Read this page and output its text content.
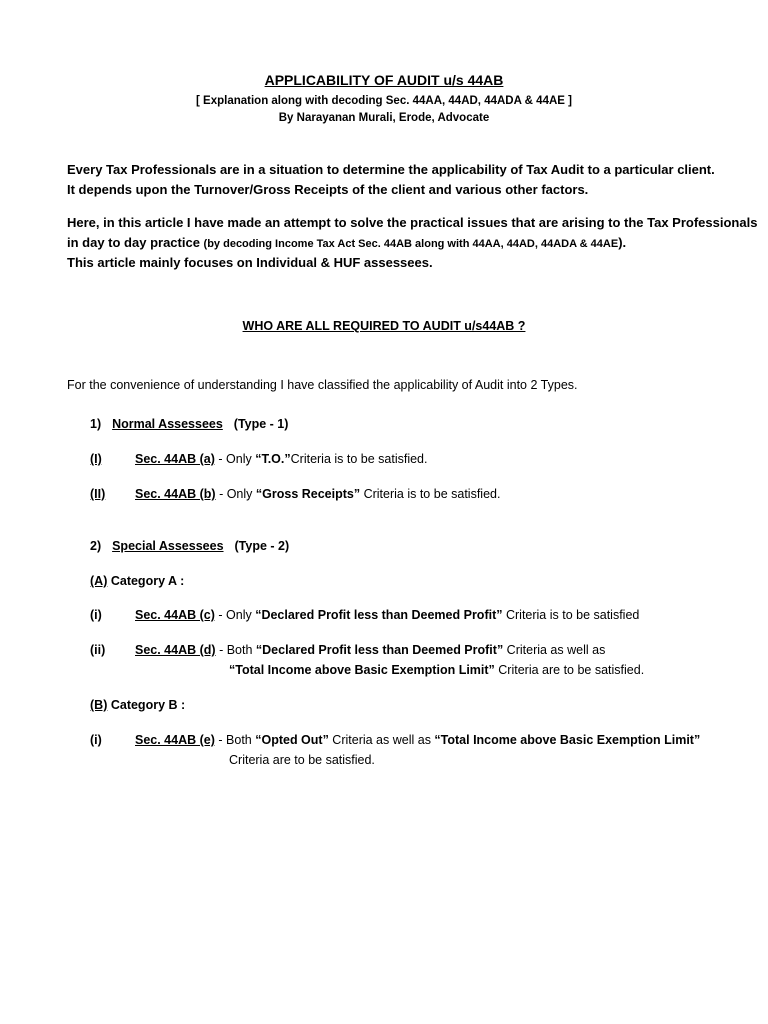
APPLICABILITY OF AUDIT u/s 44AB
[ Explanation along with decoding Sec. 44AA, 44AD, 44ADA & 44AE ]
By Narayanan Murali, Erode, Advocate
Every Tax Professionals are in a situation to determine the applicability of Tax Audit to a particular client.
It depends upon the Turnover/Gross Receipts of the client and various other factors.
Here, in this article I have made an attempt to solve the practical issues that are arising to the Tax Professionals
in day to day practice (by decoding Income Tax Act Sec. 44AB along with 44AA, 44AD, 44ADA & 44AE).
This article mainly focuses on Individual & HUF assessees.
WHO ARE ALL REQUIRED TO AUDIT u/s44AB ?
For the convenience of understanding I have classified the applicability of Audit into 2 Types.
1) Normal Assessees (Type - 1)
(I)	Sec. 44AB (a) - Only “T.O.”Criteria is to be satisfied.
(II) Sec. 44AB (b) - Only “Gross Receipts” Criteria is to be satisfied.
2) Special Assessees (Type - 2)
(A) Category A :
(i)	Sec. 44AB (c) - Only “Declared Profit less than Deemed Profit” Criteria is to be satisfied
(ii) Sec. 44AB (d) - Both “Declared Profit less than Deemed Profit” Criteria as well as
“Total Income above Basic Exemption Limit” Criteria are to be satisfied.
(B) Category B :
(i)	Sec. 44AB (e) - Both “Opted Out” Criteria as well as “Total Income above Basic Exemption Limit”
Criteria are to be satisfied.
